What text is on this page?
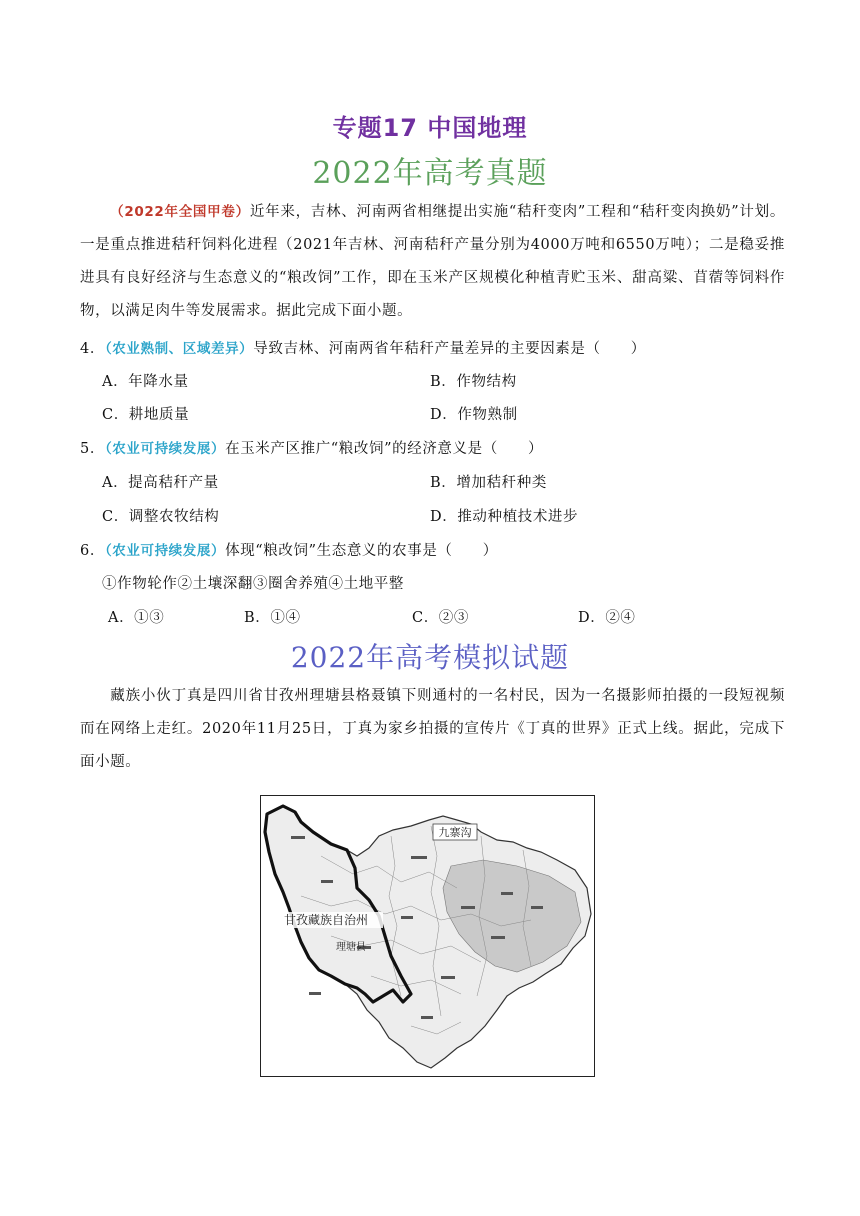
专题17 中国地理
2022年高考真题
（2022年全国甲卷）近年来，吉林、河南两省相继提出实施“秸秆变肉”工程和“秸秆变肉换奶”计划。一是重点推进秸秆饲料化进程（2021年吉林、河南秸秆产量分别为4000万吨和6550万吨）；二是稳妥推进具有良好经济与生态意义的“粮改饲”工作，即在玉米产区规模化种植青贮玉米、甜高粱、苜蓿等饲料作物，以满足肉牛等发展需求。据此完成下面小题。
4．（农业熟制、区域差异）导致吉林、河南两省年秸秆产量差异的主要因素是（　　）
A．年降水量	B．作物结构
C．耕地质量	D．作物熟制
5．（农业可持续发展）在玉米产区推广“粮改饲”的经济意义是（　　）
A．提高秸秆产量	B．增加秸秆种类
C．调整农牧结构	D．推动种植技术进步
6．（农业可持续发展）体现“粮改饲”生态意义的农事是（　　）
①作物轮作②土壤深翻③圈舍养殖④土地平整
A．①③	B．①④	C．②③	D．②④
2022年高考模拟试题
藏族小伙丁真是四川省甘孜州理塘县格聂镇下则通村的一名村民，因为一名摄影师拍摄的一段短视频而在网络上走红。2020年11月25日，丁真为家乡拍摄的宣传片《丁真的世界》正式上线。据此，完成下面小题。
九寨沟
甘孜藏族自治州
理塘县
